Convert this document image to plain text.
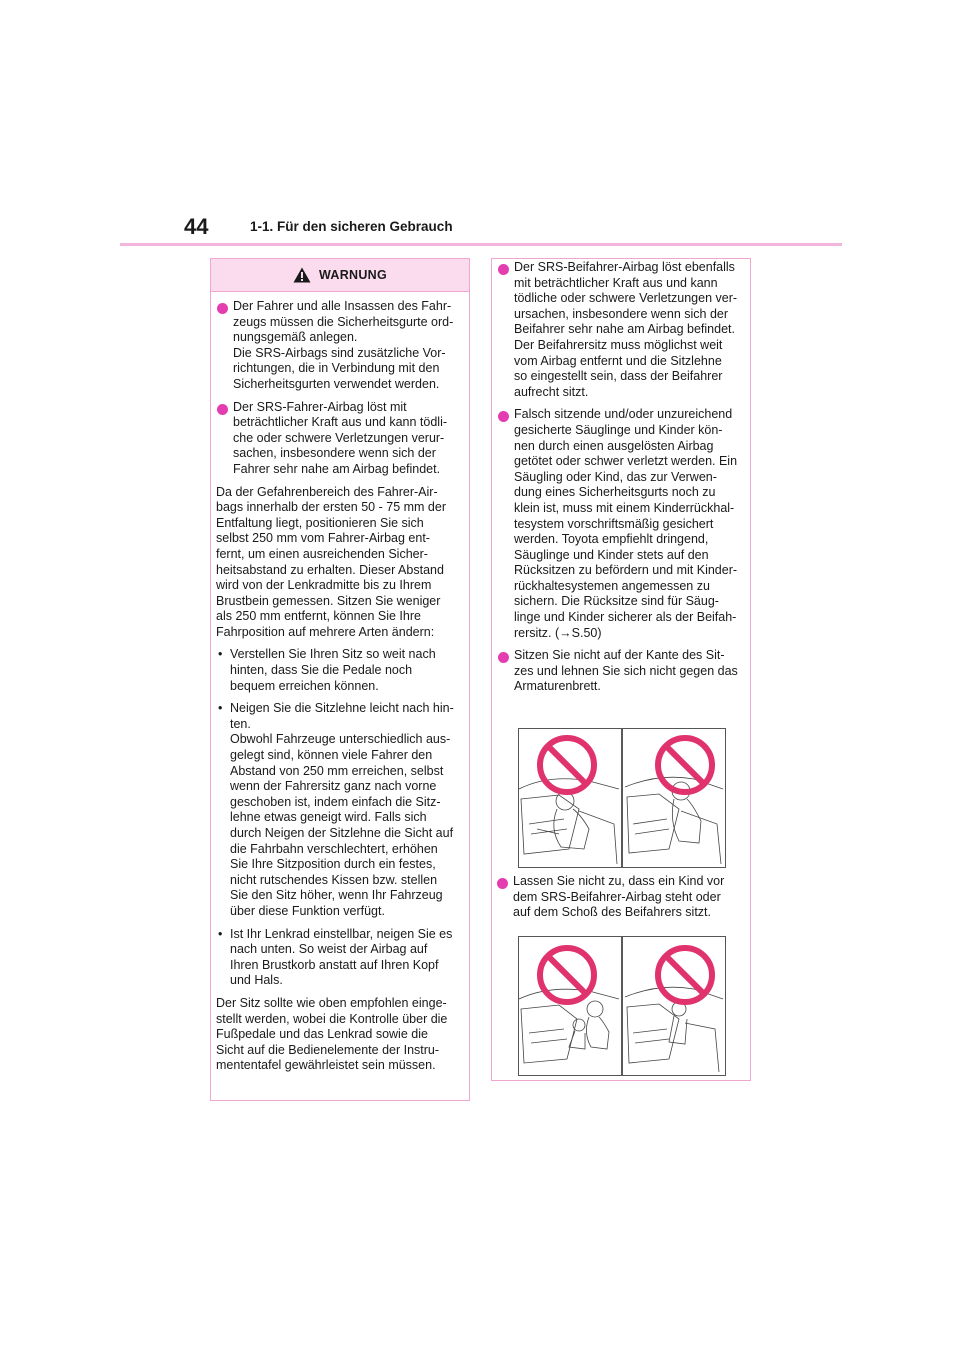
44	1-1. Für den sicheren Gebrauch
WARNUNG
Der Fahrer und alle Insassen des Fahr-
zeugs müssen die Sicherheitsgurte ord-
nungsgemäß anlegen.
Die SRS-Airbags sind zusätzliche Vor-
richtungen, die in Verbindung mit den
Sicherheitsgurten verwendet werden.
Der SRS-Fahrer-Airbag löst mit
beträchtlicher Kraft aus und kann tödli-
che oder schwere Verletzungen verur-
sachen, insbesondere wenn sich der
Fahrer sehr nahe am Airbag befindet.

Da der Gefahrenbereich des Fahrer-Air-
bags innerhalb der ersten 50 - 75 mm der
Entfaltung liegt, positionieren Sie sich
selbst 250 mm vom Fahrer-Airbag ent-
fernt, um einen ausreichenden Sicher-
heitsabstand zu erhalten. Dieser Abstand
wird von der Lenkradmitte bis zu Ihrem
Brustbein gemessen. Sitzen Sie weniger
als 250 mm entfernt, können Sie Ihre
Fahrposition auf mehrere Arten ändern:

• Verstellen Sie Ihren Sitz so weit nach
hinten, dass Sie die Pedale noch
bequem erreichen können.
• Neigen Sie die Sitzlehne leicht nach hin-
ten.
Obwohl Fahrzeuge unterschiedlich aus-
gelegt sind, können viele Fahrer den
Abstand von 250 mm erreichen, selbst
wenn der Fahrersitz ganz nach vorne
geschoben ist, indem einfach die Sitz-
lehne etwas geneigt wird. Falls sich
durch Neigen der Sitzlehne die Sicht auf
die Fahrbahn verschlechtert, erhöhen
Sie Ihre Sitzposition durch ein festes,
nicht rutschendes Kissen bzw. stellen
Sie den Sitz höher, wenn Ihr Fahrzeug
über diese Funktion verfügt.
• Ist Ihr Lenkrad einstellbar, neigen Sie es
nach unten. So weist der Airbag auf
Ihren Brustkorb anstatt auf Ihren Kopf
und Hals.

Der Sitz sollte wie oben empfohlen einge-
stellt werden, wobei die Kontrolle über die
Fußpedale und das Lenkrad sowie die
Sicht auf die Bedienelemente der Instru-
mententafel gewährleistet sein müssen.

Der SRS-Beifahrer-Airbag löst ebenfalls
mit beträchtlicher Kraft aus und kann
tödliche oder schwere Verletzungen ver-
ursachen, insbesondere wenn sich der
Beifahrer sehr nahe am Airbag befindet.
Der Beifahrersitz muss möglichst weit
vom Airbag entfernt und die Sitzlehne
so eingestellt sein, dass der Beifahrer
aufrecht sitzt.
Falsch sitzende und/oder unzureichend
gesicherte Säuglinge und Kinder kön-
nen durch einen ausgelösten Airbag
getötet oder schwer verletzt werden. Ein
Säugling oder Kind, das zur Verwen-
dung eines Sicherheitsgurts noch zu
klein ist, muss mit einem Kinderrückhal-
tesystem vorschriftsmäßig gesichert
werden. Toyota empfiehlt dringend,
Säuglinge und Kinder stets auf den
Rücksitzen zu befördern und mit Kinder-
rückhaltesystemen angemessen zu
sichern. Die Rücksitze sind für Säug-
linge und Kinder sicherer als der Beifah-
rersitz. (→S.50)
Sitzen Sie nicht auf der Kante des Sit-
zes und lehnen Sie sich nicht gegen das
Armaturenbrett.
Lassen Sie nicht zu, dass ein Kind vor
dem SRS-Beifahrer-Airbag steht oder
auf dem Schoß des Beifahrers sitzt.
